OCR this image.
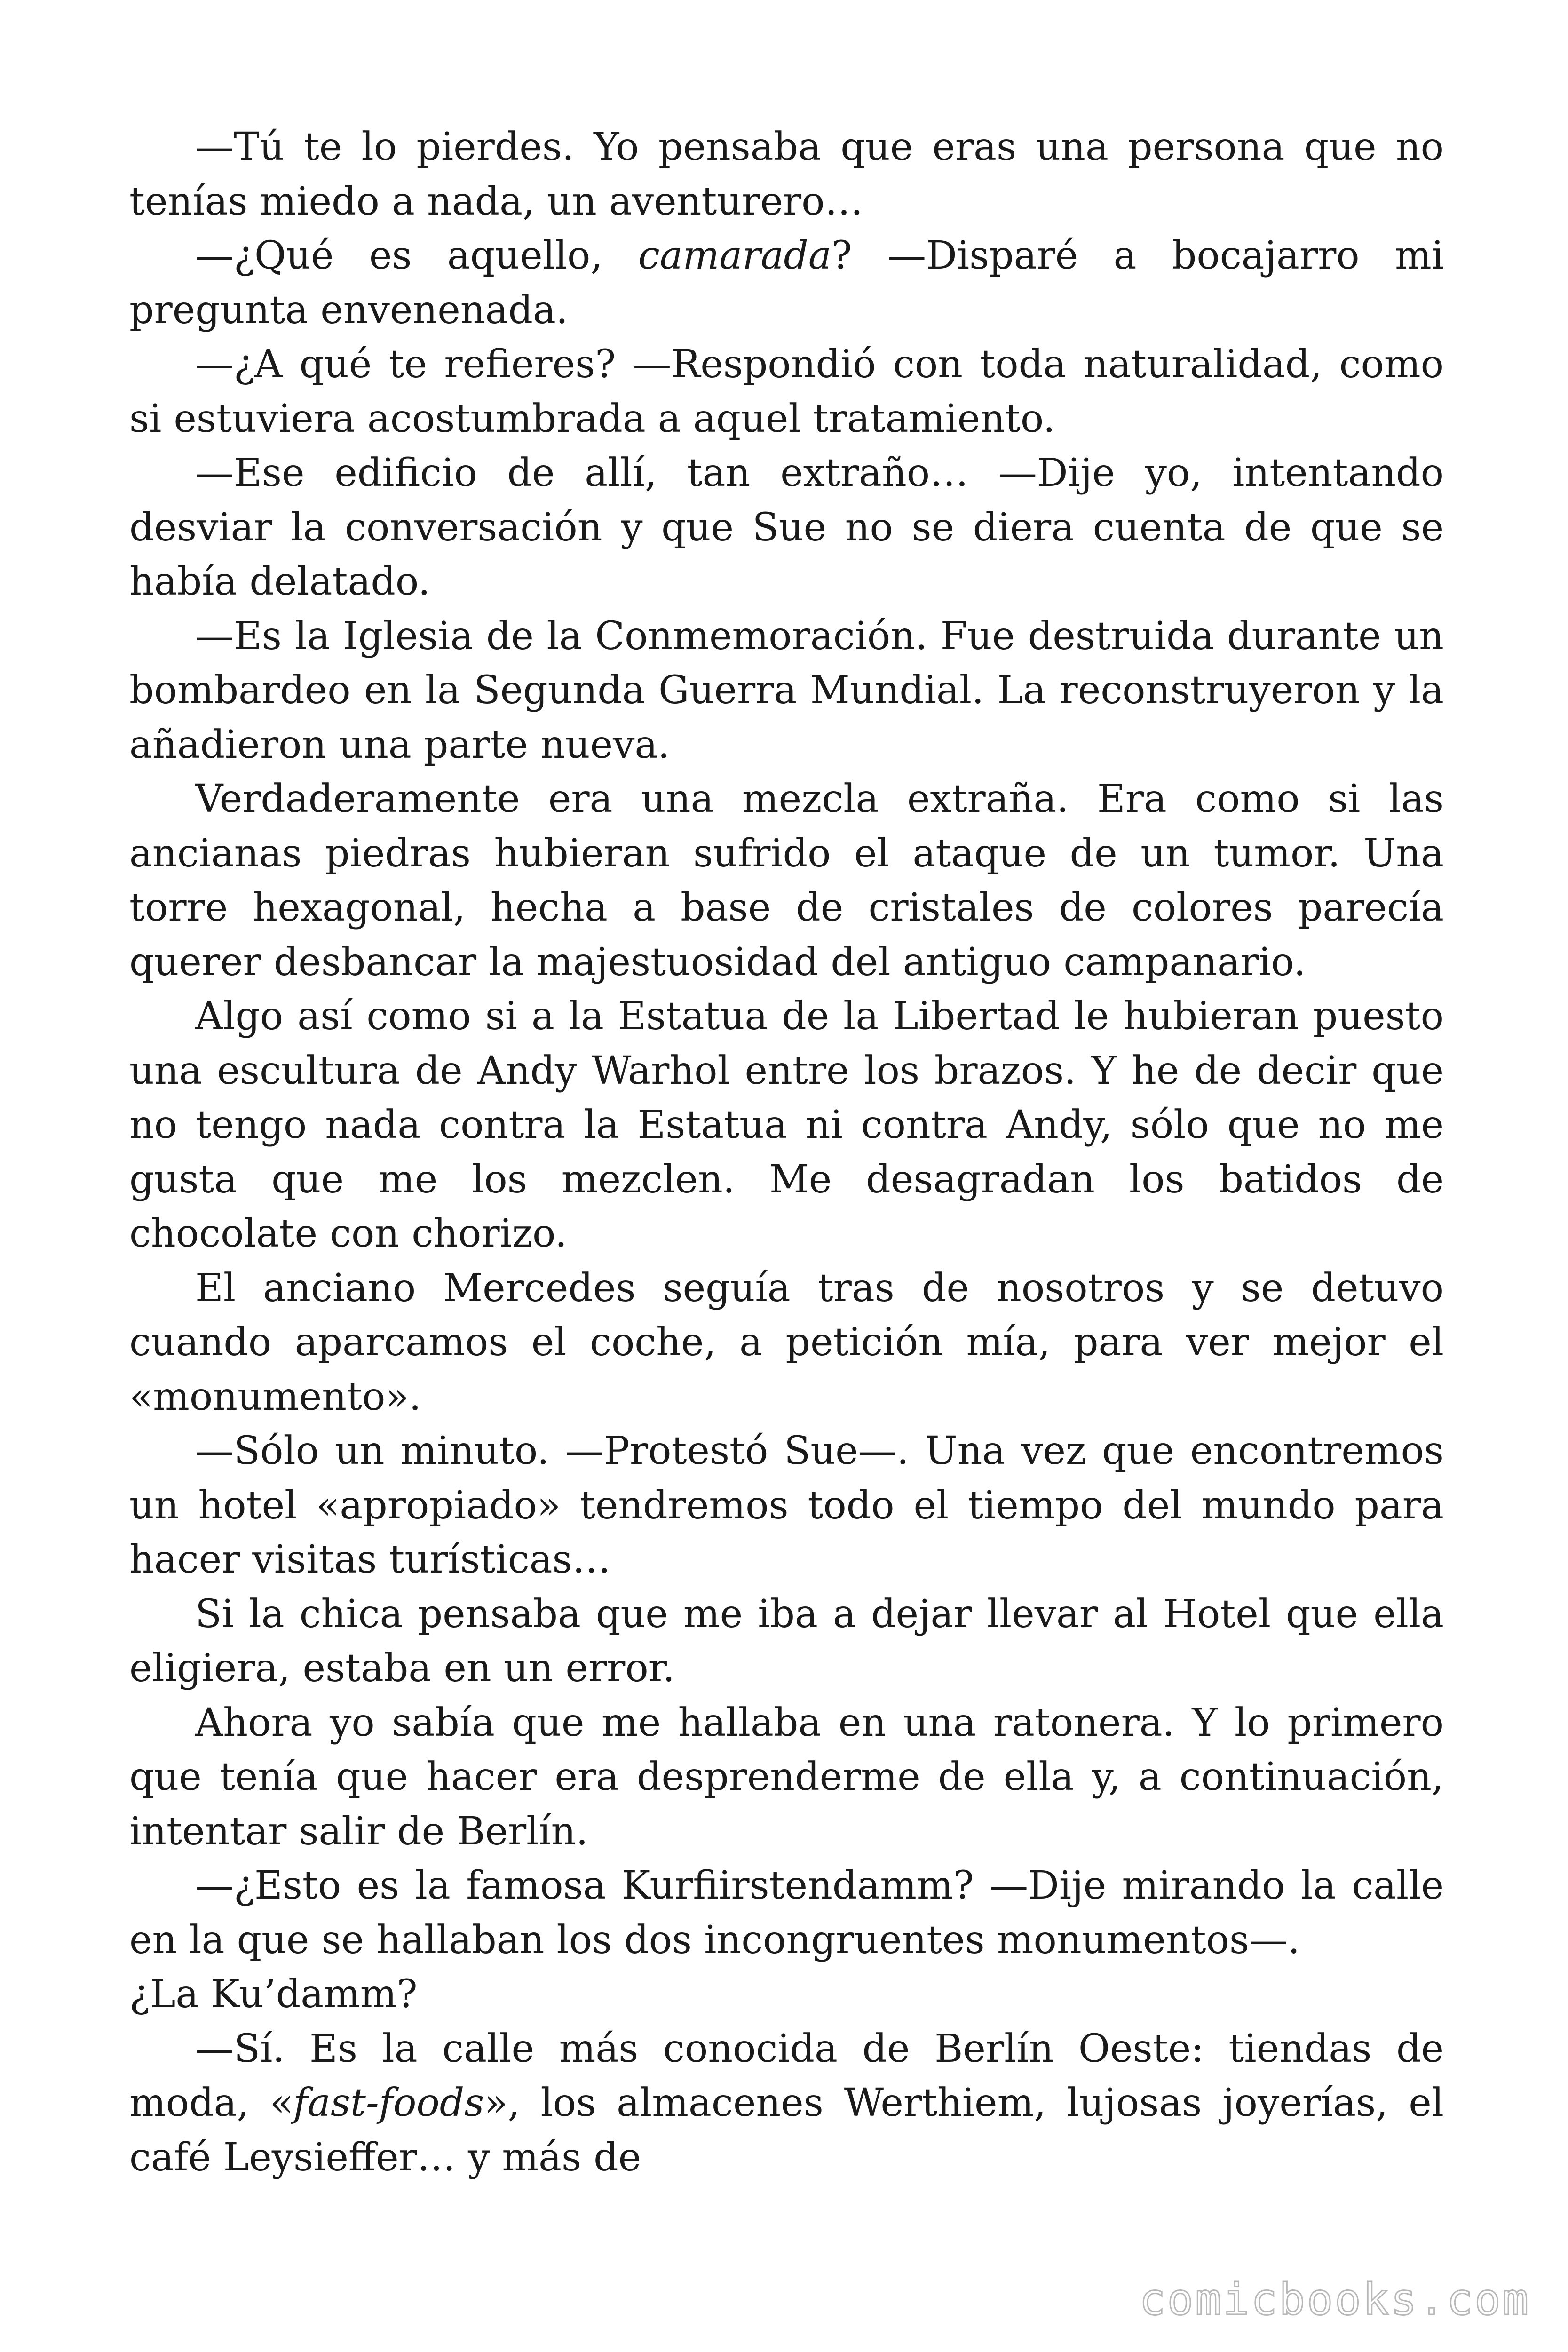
—Tú te lo pierdes. Yo pensaba que eras una persona que no tenías miedo a nada, un aventurero…

—¿Qué es aquello, camarada? —Disparé a bocajarro mi pregunta envenenada.

—¿A qué te refieres? —Respondió con toda naturalidad, como si estuviera acostumbrada a aquel tratamiento.

—Ese edificio de allí, tan extraño… —Dije yo, intentando desviar la conversación y que Sue no se diera cuenta de que se había delatado.

—Es la Iglesia de la Conmemoración. Fue destruida durante un bombardeo en la Segunda Guerra Mundial. La reconstruyeron y la añadieron una parte nueva.

Verdaderamente era una mezcla extraña. Era como si las ancianas piedras hubieran sufrido el ataque de un tumor. Una torre hexagonal, hecha a base de cristales de colores parecía querer desbancar la majestuosidad del antiguo campanario.

Algo así como si a la Estatua de la Libertad le hubieran puesto una escultura de Andy Warhol entre los brazos. Y he de decir que no tengo nada contra la Estatua ni contra Andy, sólo que no me gusta que me los mezclen. Me desagradan los batidos de chocolate con chorizo.

El anciano Mercedes seguía tras de nosotros y se detuvo cuando aparcamos el coche, a petición mía, para ver mejor el «monumento».

—Sólo un minuto. —Protestó Sue—. Una vez que encontremos un hotel «apropiado» tendremos todo el tiempo del mundo para hacer visitas turísticas…

Si la chica pensaba que me iba a dejar llevar al Hotel que ella eligiera, estaba en un error.

Ahora yo sabía que me hallaba en una ratonera. Y lo primero que tenía que hacer era desprenderme de ella y, a continuación, intentar salir de Berlín.

—¿Esto es la famosa Kurfiirstendamm? —Dije mirando la calle en la que se hallaban los dos incongruentes monumentos—.

¿La Ku’damm?

—Sí. Es la calle más conocida de Berlín Oeste: tiendas de moda, «fast-foods», los almacenes Werthiem, lujosas joyerías, el café Leysieffer… y más de

comicbooks.com
